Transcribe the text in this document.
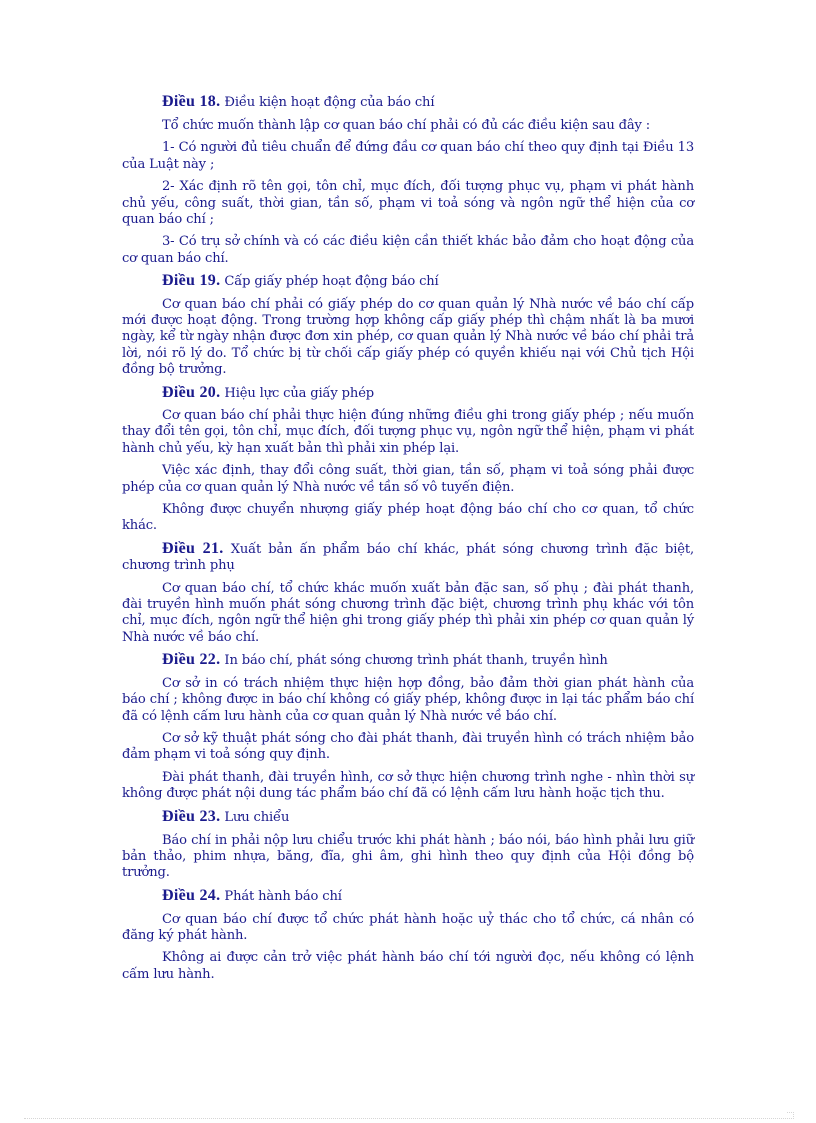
Điều 18. Điều kiện hoạt động của báo chí

Tổ chức muốn thành lập cơ quan báo chí phải có đủ các điều kiện sau đây :

1- Có người đủ tiêu chuẩn để đứng đầu cơ quan báo chí theo quy định tại Điều 13 của Luật này ;

2- Xác định rõ tên gọi, tôn chỉ, mục đích, đối tượng phục vụ, phạm vi phát hành chủ yếu, công suất, thời gian, tần số, phạm vi toả sóng và ngôn ngữ thể hiện của cơ quan báo chí ;

3- Có trụ sở chính và có các điều kiện cần thiết khác bảo đảm cho hoạt động của cơ quan báo chí.

Điều 19. Cấp giấy phép hoạt động báo chí

Cơ quan báo chí phải có giấy phép do cơ quan quản lý Nhà nước về báo chí cấp mới được hoạt động. Trong trường hợp không cấp giấy phép thì chậm nhất là ba mươi ngày, kể từ ngày nhận được đơn xin phép, cơ quan quản lý Nhà nước về báo chí phải trả lời, nói rõ lý do. Tổ chức bị từ chối cấp giấy phép có quyền khiếu nại với Chủ tịch Hội đồng bộ trưởng.

Điều 20. Hiệu lực của giấy phép

Cơ quan báo chí phải thực hiện đúng những điều ghi trong giấy phép ; nếu muốn thay đổi tên gọi, tôn chỉ, mục đích, đối tượng phục vụ, ngôn ngữ thể hiện, phạm vi phát hành chủ yếu, kỳ hạn xuất bản thì phải xin phép lại.

Việc xác định, thay đổi công suất, thời gian, tần số, phạm vi toả sóng phải được phép của cơ quan quản lý Nhà nước về tần số vô tuyến điện.

Không được chuyển nhượng giấy phép hoạt động báo chí cho cơ quan, tổ chức khác.

Điều 21. Xuất bản ấn phẩm báo chí khác, phát sóng chương trình đặc biệt, chương trình phụ

Cơ quan báo chí, tổ chức khác muốn xuất bản đặc san, số phụ ; đài phát thanh, đài truyền hình muốn phát sóng chương trình đặc biệt, chương trình phụ khác với tôn chỉ, mục đích, ngôn ngữ thể hiện ghi trong giấy phép thì phải xin phép cơ quan quản lý Nhà nước về báo chí.

Điều 22. In báo chí, phát sóng chương trình phát thanh, truyền hình

Cơ sở in có trách nhiệm thực hiện hợp đồng, bảo đảm thời gian phát hành của báo chí ; không được in báo chí không có giấy phép, không được in lại tác phẩm báo chí đã có lệnh cấm lưu hành của cơ quan quản lý Nhà nước về báo chí.

Cơ sở kỹ thuật phát sóng cho đài phát thanh, đài truyền hình có trách nhiệm bảo đảm phạm vi toả sóng quy định.

Đài phát thanh, đài truyền hình, cơ sở thực hiện chương trình nghe - nhìn thời sự không được phát nội dung tác phẩm báo chí đã có lệnh cấm lưu hành hoặc tịch thu.

Điều 23. Lưu chiểu

Báo chí in phải nộp lưu chiểu trước khi phát hành ; báo nói, báo hình phải lưu giữ bản thảo, phim nhựa, băng, đĩa, ghi âm, ghi hình theo quy định của Hội đồng bộ trưởng.

Điều 24. Phát hành báo chí

Cơ quan báo chí được tổ chức phát hành hoặc uỷ thác cho tổ chức, cá nhân có đăng ký phát hành.

Không ai được cản trở việc phát hành báo chí tới người đọc, nếu không có lệnh cấm lưu hành.
